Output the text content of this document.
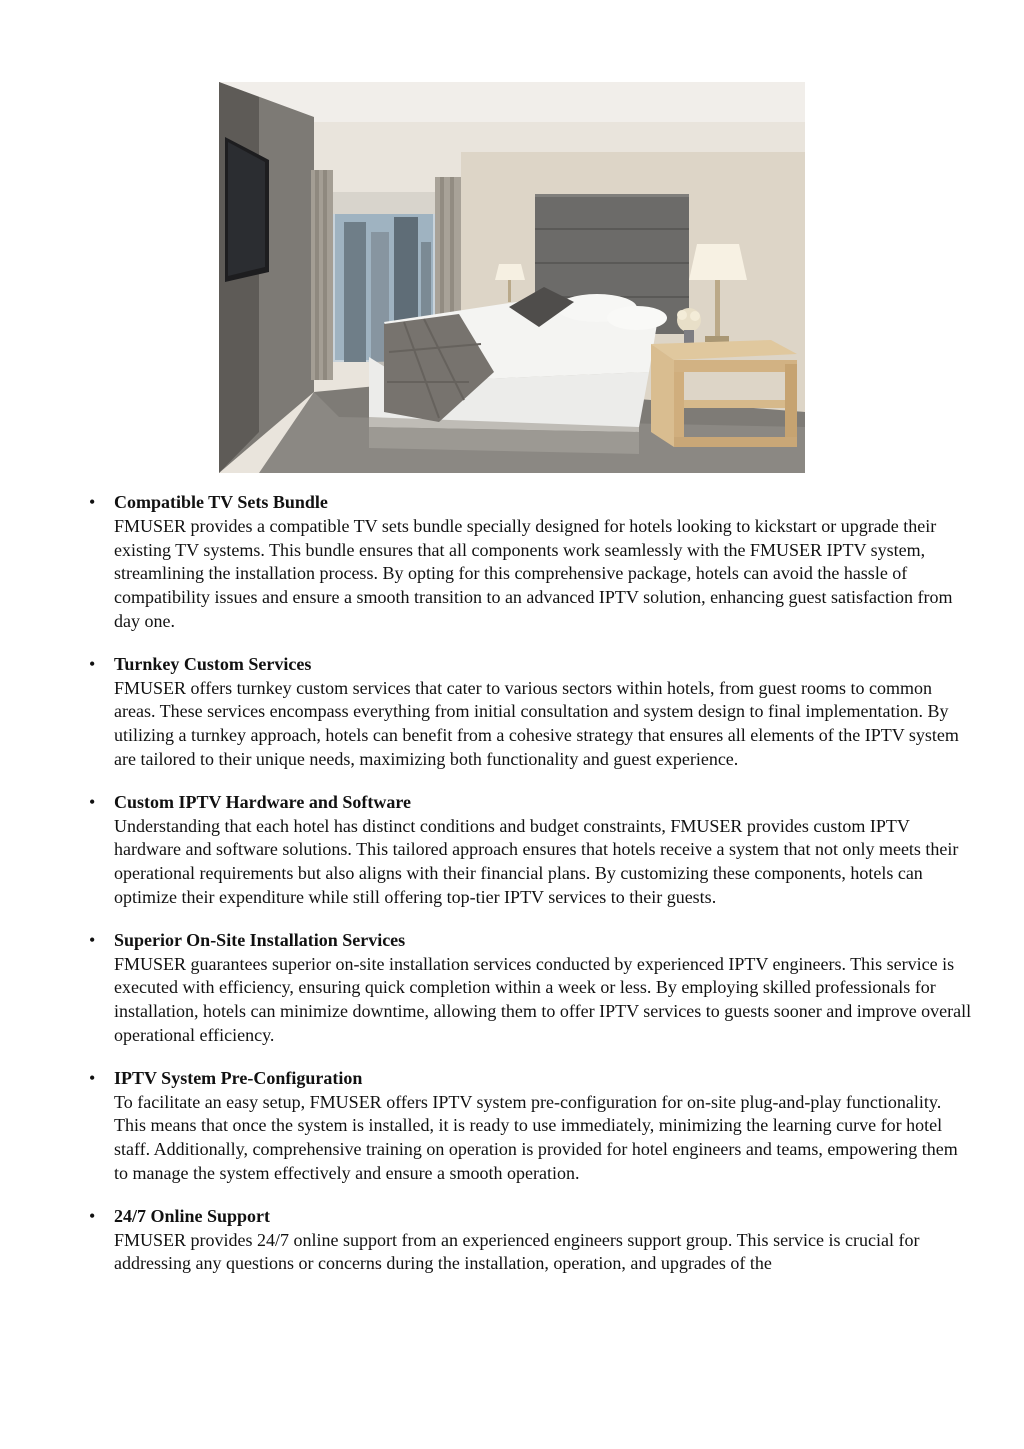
• Compatible TV Sets Bundle
FMUSER provides a compatible TV sets bundle specially designed for hotels looking to kickstart or upgrade their existing TV systems. This bundle ensures that all components work seamlessly with the FMUSER IPTV system, streamlining the installation process. By opting for this comprehensive package, hotels can avoid the hassle of compatibility issues and ensure a smooth transition to an advanced IPTV solution, enhancing guest satisfaction from day one.
• Turnkey Custom Services
FMUSER offers turnkey custom services that cater to various sectors within hotels, from guest rooms to common areas. These services encompass everything from initial consultation and system design to final implementation. By utilizing a turnkey approach, hotels can benefit from a cohesive strategy that ensures all elements of the IPTV system are tailored to their unique needs, maximizing both functionality and guest experience.
• Custom IPTV Hardware and Software
Understanding that each hotel has distinct conditions and budget constraints, FMUSER provides custom IPTV hardware and software solutions. This tailored approach ensures that hotels receive a system that not only meets their operational requirements but also aligns with their financial plans. By customizing these components, hotels can optimize their expenditure while still offering top-tier IPTV services to their guests.
• Superior On-Site Installation Services
FMUSER guarantees superior on-site installation services conducted by experienced IPTV engineers. This service is executed with efficiency, ensuring quick completion within a week or less. By employing skilled professionals for installation, hotels can minimize downtime, allowing them to offer IPTV services to guests sooner and improve overall operational efficiency.
• IPTV System Pre-Configuration
To facilitate an easy setup, FMUSER offers IPTV system pre-configuration for on-site plug-and-play functionality. This means that once the system is installed, it is ready to use immediately, minimizing the learning curve for hotel staff. Additionally, comprehensive training on operation is provided for hotel engineers and teams, empowering them to manage the system effectively and ensure a smooth operation.
• 24/7 Online Support
FMUSER provides 24/7 online support from an experienced engineers support group. This service is crucial for addressing any questions or concerns during the installation, operation, and upgrades of the
